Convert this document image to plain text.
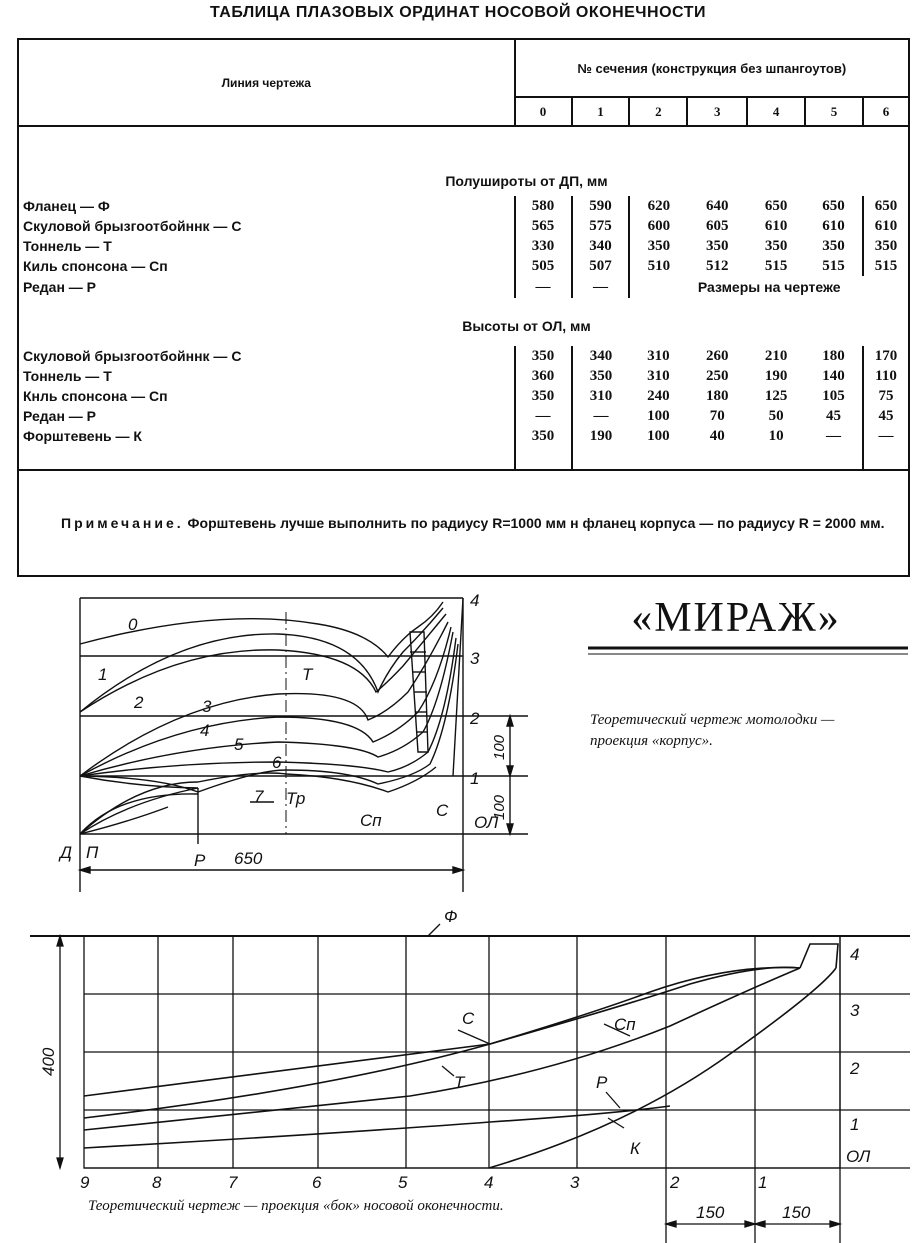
ТАБЛИЦА ПЛАЗОВЫХ ОРДИНАТ НОСОВОЙ ОКОНЕЧНОСТИ
Линия чертежа	№ сечения (конструкция без шпангоутов)						
	0	1	2	3	4	5	6

Полуширoты от ДП, мм							
Фланец — Ф	580	590	620	640	650	650	650
Скуловой брызгоотбойннк — С	565	575	600	605	610	610	610
Тоннель — Т	330	340	350	350	350	350	350
Киль спонсона — Сп	505	507	510	512	515	515	515
Редан — Р	—	—	Размеры на чертеже				
Высоты от ОЛ, мм							

Скуловой брызгоотбойннк — С	350	340	310	260	210	180	170
Тоннель — Т	360	350	310	250	190	140	110
Кнль спонсона — Сп	350	310	240	180	125	105	75
Редан — Р	—	—	100	70	50	45	45
Форштевень — К	350	190	100	40	10	—	—

Примечание. Форштевень лучше выполнить по радиусу R=1000 мм н фланец корпуса — по радиусу R = 2000 мм.							
4
3
2
1
ОЛ
0
1
2	3
4
5
6
7
Т
Тр
Сп
С
Р
Д П	650
100
100
«МИРАЖ»
Теоретический чертеж мотолодки — проекция «корпус».
Ф
400
9	8	7	6	5	4	3	2	1
4
3
2
1
ОЛ
С	Сп
Т	Р
К
150	150
Теоретический чертеж — проекция «бок» носовой оконечности.
